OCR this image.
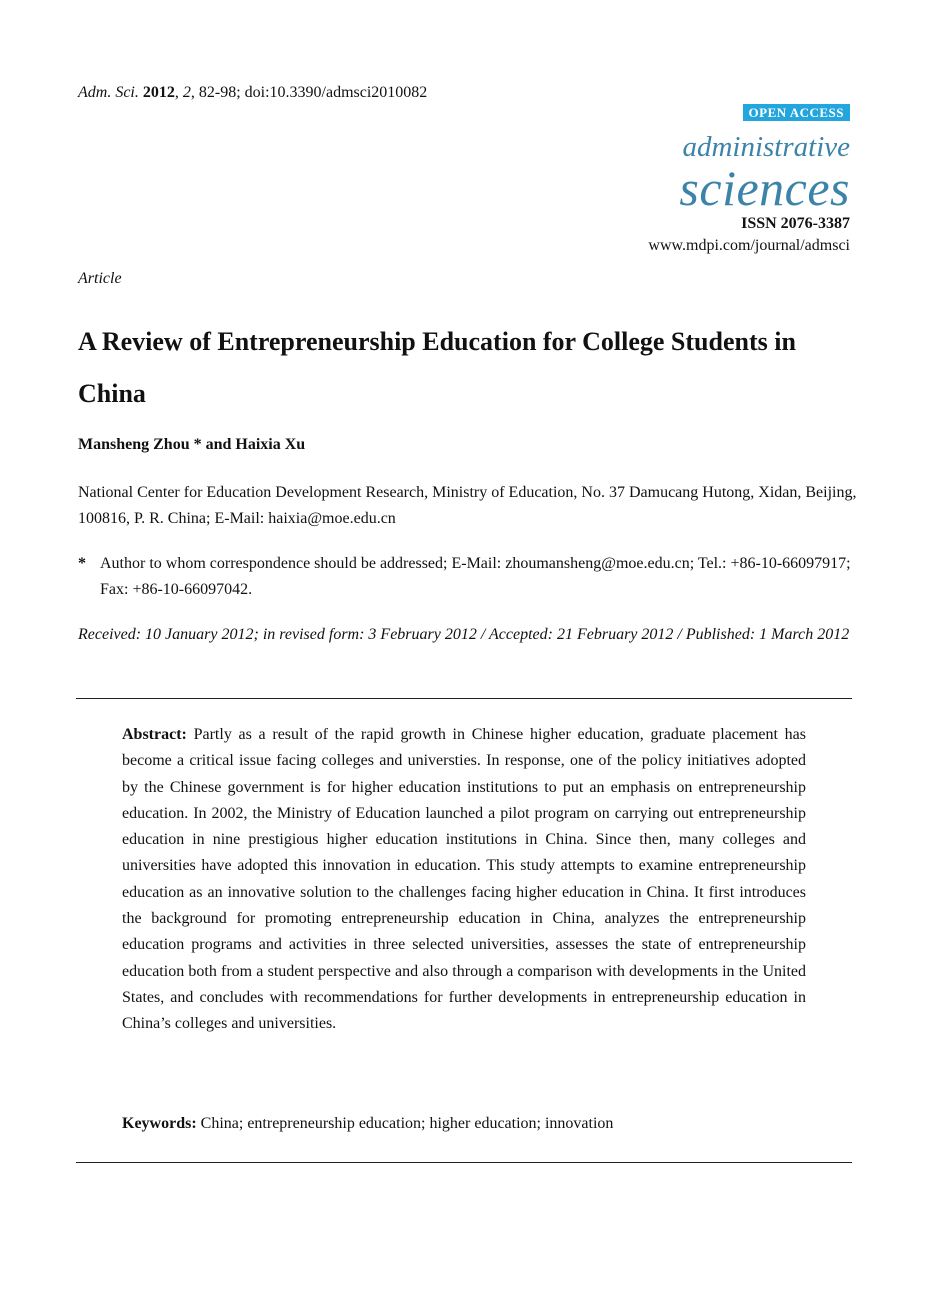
Adm. Sci. 2012, 2, 82-98; doi:10.3390/admsci2010082
OPEN ACCESS
administrative
sciences
ISSN 2076-3387
www.mdpi.com/journal/admsci
Article
A Review of Entrepreneurship Education for College Students in China
Mansheng Zhou * and Haixia Xu
National Center for Education Development Research, Ministry of Education, No. 37 Damucang Hutong, Xidan, Beijing, 100816, P. R. China; E-Mail: haixia@moe.edu.cn
* Author to whom correspondence should be addressed; E-Mail: zhoumansheng@moe.edu.cn; Tel.: +86-10-66097917; Fax: +86-10-66097042.
Received: 10 January 2012; in revised form: 3 February 2012 / Accepted: 21 February 2012 / Published: 1 March 2012
Abstract: Partly as a result of the rapid growth in Chinese higher education, graduate placement has become a critical issue facing colleges and universties. In response, one of the policy initiatives adopted by the Chinese government is for higher education institutions to put an emphasis on entrepreneurship education. In 2002, the Ministry of Education launched a pilot program on carrying out entrepreneurship education in nine prestigious higher education institutions in China. Since then, many colleges and universities have adopted this innovation in education. This study attempts to examine entrepreneurship education as an innovative solution to the challenges facing higher education in China. It first introduces the background for promoting entrepreneurship education in China, analyzes the entrepreneurship education programs and activities in three selected universities, assesses the state of entrepreneurship education both from a student perspective and also through a comparison with developments in the United States, and concludes with recommendations for further developments in entrepreneurship education in China’s colleges and universities.
Keywords: China; entrepreneurship education; higher education; innovation
